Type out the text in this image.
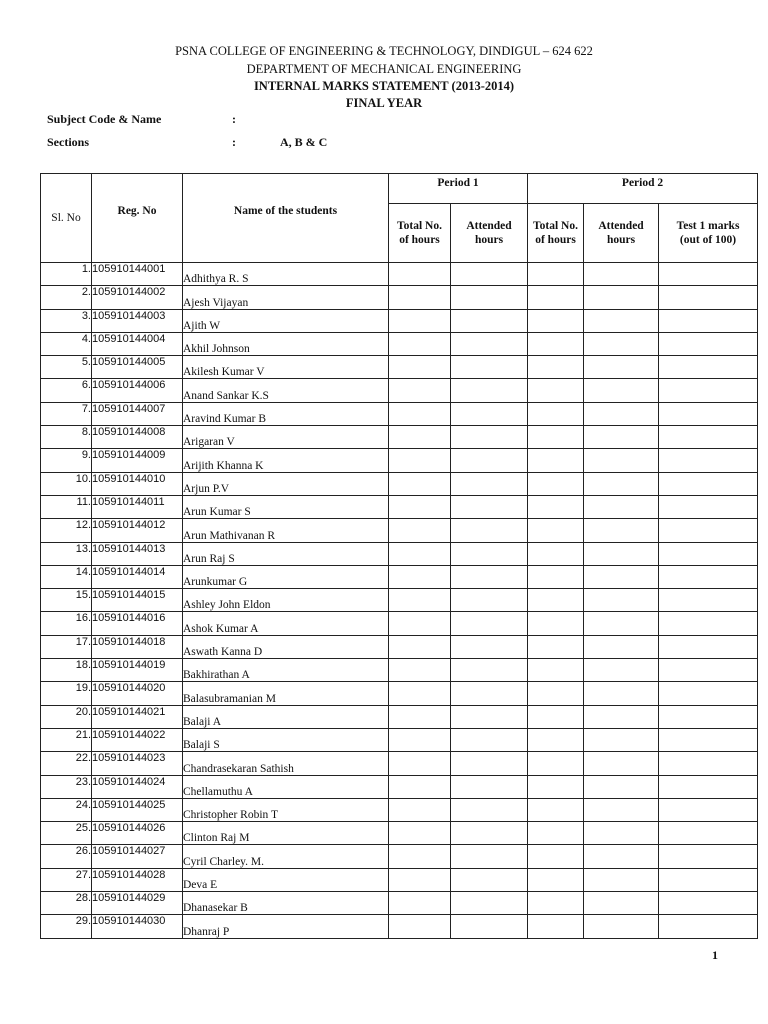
PSNA COLLEGE OF ENGINEERING & TECHNOLOGY, DINDIGUL – 624 622
DEPARTMENT OF MECHANICAL ENGINEERING
INTERNAL MARKS STATEMENT (2013-2014)
FINAL YEAR
Subject Code & Name	:
Sections	:	A, B & C
Sl. No	Reg. No	Name of the students	Period 1		Period 2		
			Total No. of hours	Attended hours	Total No. of hours	Attended hours	Test 1 marks (out of 100)
1.	105910144001	Adhithya R. S					
2.	105910144002	Ajesh Vijayan					
3.	105910144003	Ajith W					
4.	105910144004	Akhil Johnson					
5.	105910144005	Akilesh Kumar V					
6.	105910144006	Anand Sankar K.S					
7.	105910144007	Aravind Kumar B					
8.	105910144008	Arigaran V					
9.	105910144009	Arijith Khanna K					
10.	105910144010	Arjun P.V					
11.	105910144011	Arun Kumar S					
12.	105910144012	Arun Mathivanan R					
13.	105910144013	Arun Raj S					
14.	105910144014	Arunkumar G					
15.	105910144015	Ashley John Eldon					
16.	105910144016	Ashok Kumar A					
17.	105910144018	Aswath Kanna D					
18.	105910144019	Bakhirathan A					
19.	105910144020	Balasubramanian M					
20.	105910144021	Balaji A					
21.	105910144022	Balaji S					
22.	105910144023	Chandrasekaran Sathish					
23.	105910144024	Chellamuthu A					
24.	105910144025	Christopher Robin T					
25.	105910144026	Clinton Raj M					
26.	105910144027	Cyril Charley. M.					
27.	105910144028	Deva E					
28.	105910144029	Dhanasekar B					
29.	105910144030	Dhanraj P					
1
